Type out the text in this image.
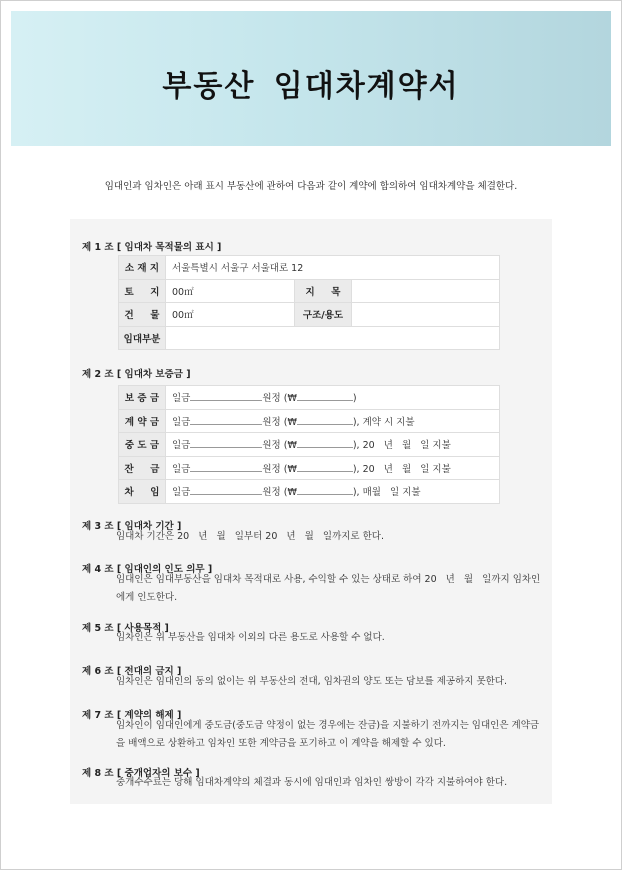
부동산 임대차계약서
임대인과 임차인은 아래 표시 부동산에 관하여 다음과 같이 계약에 합의하여 임대차계약을 체결한다.
제 1 조 [ 임대차 목적물의 표시 ]
소 재 지	서울특별시 서울구 서울대로 12		
토     지	00㎡	지     목	
건     물	00㎡	구조/용도	
임대부분			
제 2 조 [ 임대차 보증금 ]
보 증 금	일금 원정 (₩ )
계 약 금	일금 원정 (₩ ), 계약 시 지불
중 도 금	일금 원정 (₩ ), 20   년   월   일 지불
잔     금	일금 원정 (₩ ), 20   년   월   일 지불
차     임	일금 원정 (₩ ), 매월   일 지불
제 3 조 [ 임대차 기간 ]
임대차 기간은 20   년   월   일부터 20   년   월   일까지로 한다.
제 4 조 [ 임대인의 인도 의무 ]
임대인은 임대부동산을 임대차 목적대로 사용, 수익할 수 있는 상태로 하여 20   년   월   일까지 임차인에게 인도한다.
제 5 조 [ 사용목적 ]
임차인은 위 부동산을 임대차 이외의 다른 용도로 사용할 수 없다.
제 6 조 [ 전대의 금지 ]
임차인은 임대인의 동의 없이는 위 부동산의 전대, 임차권의 양도 또는 담보를 제공하지 못한다.
제 7 조 [ 계약의 해제 ]
임차인이 임대인에게 중도금(중도금 약정이 없는 경우에는 잔금)을 지불하기 전까지는 임대인은 계약금을 배액으로 상환하고 임차인 또한 계약금을 포기하고 이 계약을 해제할 수 있다.
제 8 조 [ 중개업자의 보수 ]
중개수수료는 당해 임대차계약의 체결과 동시에 임대인과 임차인 쌍방이 각각 지불하여야 한다.
